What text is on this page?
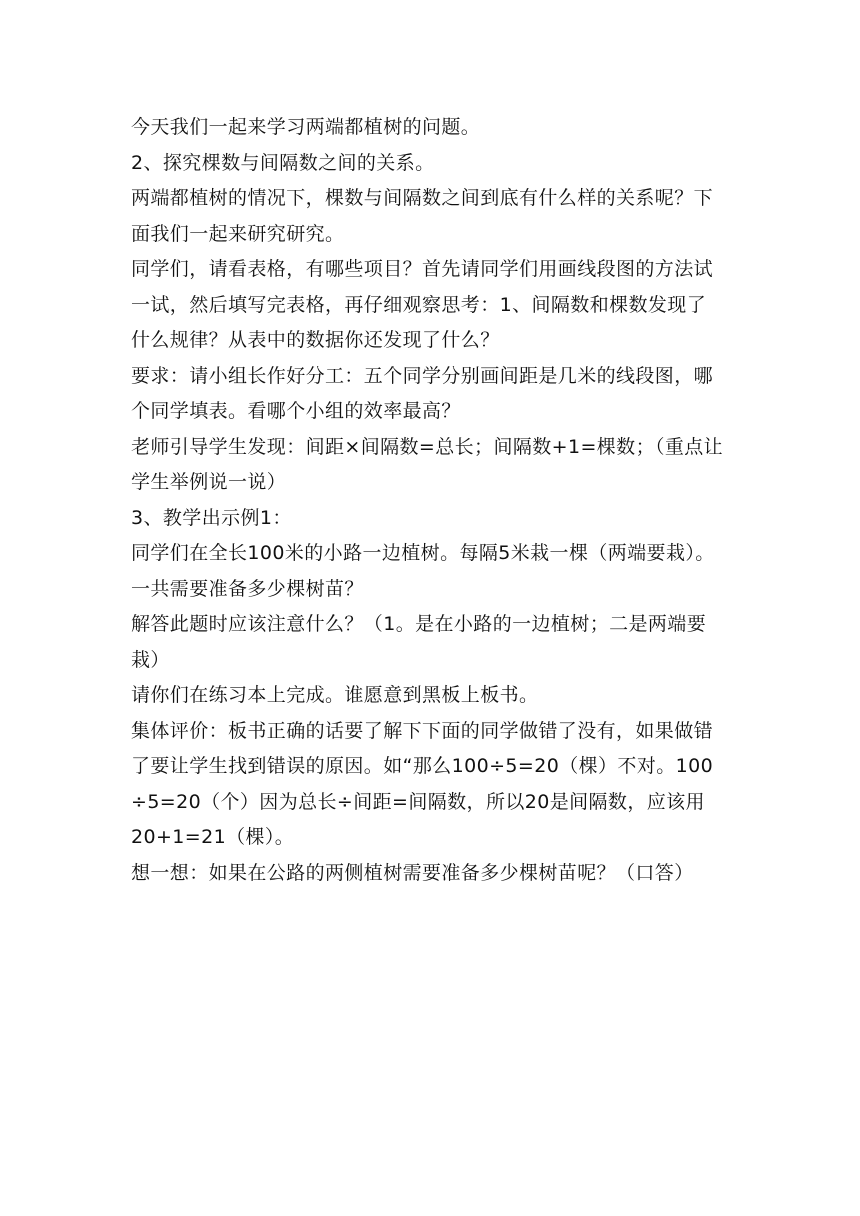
今天我们一起来学习两端都植树的问题。

2、探究棵数与间隔数之间的关系。

两端都植树的情况下，棵数与间隔数之间到底有什么样的关系呢？下

面我们一起来研究研究。

同学们，请看表格，有哪些项目？首先请同学们用画线段图的方法试

一试，然后填写完表格，再仔细观察思考：1、间隔数和棵数发现了

什么规律？从表中的数据你还发现了什么？

要求：请小组长作好分工：五个同学分别画间距是几米的线段图，哪

个同学填表。看哪个小组的效率最高？

老师引导学生发现：间距×间隔数=总长；间隔数+1=棵数；（重点让

学生举例说一说）

3、教学出示例1：

同学们在全长100米的小路一边植树。每隔5米栽一棵（两端要栽）。

一共需要准备多少棵树苗？

解答此题时应该注意什么？（1。是在小路的一边植树；二是两端要

栽）

请你们在练习本上完成。谁愿意到黑板上板书。

集体评价：板书正确的话要了解下下面的同学做错了没有，如果做错

了要让学生找到错误的原因。如“那么100÷5=20（棵）不对。100

÷5=20（个）因为总长÷间距=间隔数，所以20是间隔数，应该用

20+1=21（棵）。

想一想：如果在公路的两侧植树需要准备多少棵树苗呢？（口答）
